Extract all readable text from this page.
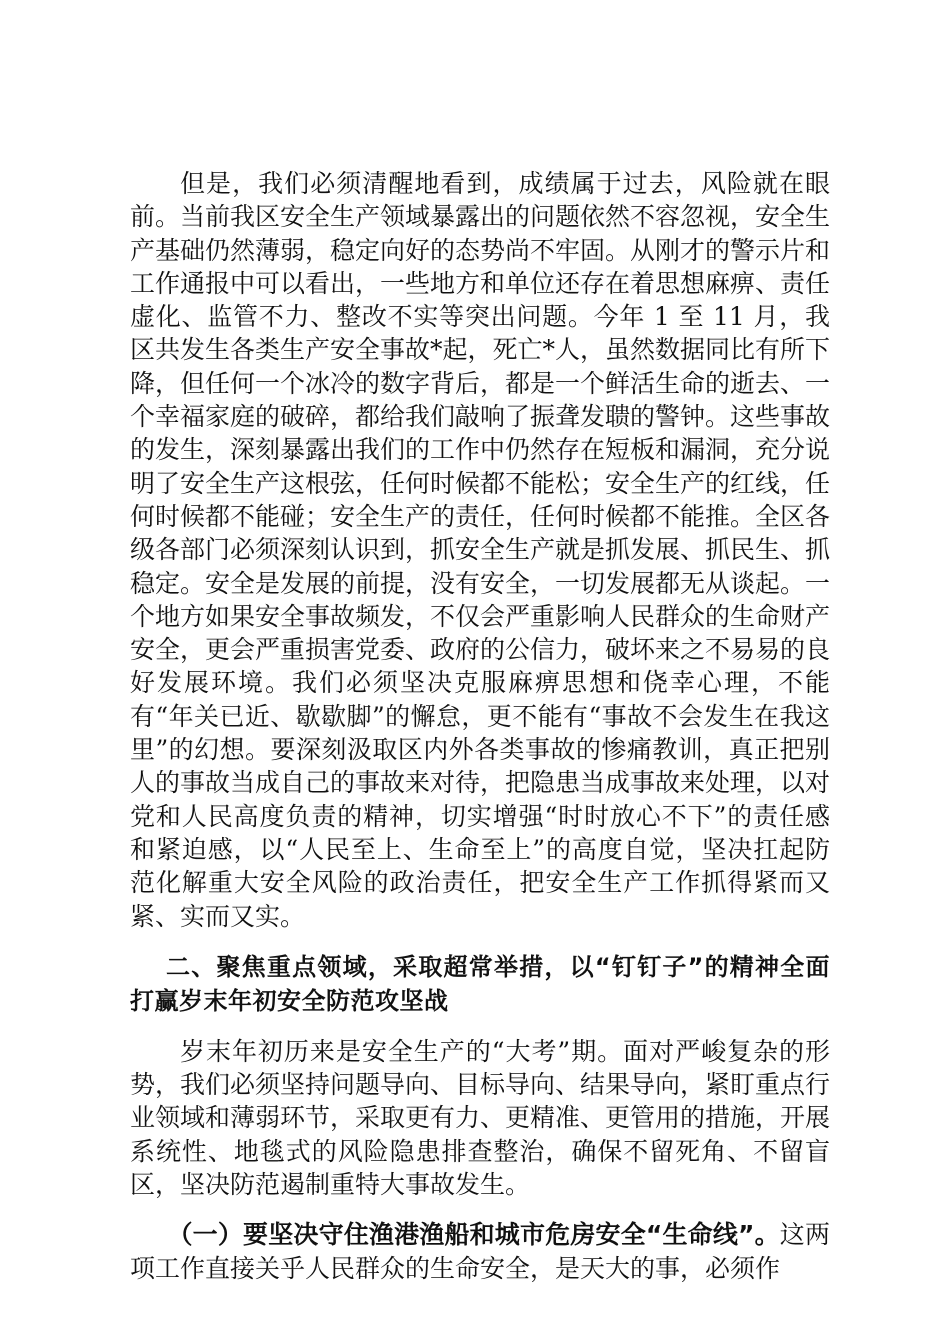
但是，我们必须清醒地看到，成绩属于过去，风险就在眼前。当前我区安全生产领域暴露出的问题依然不容忽视，安全生产基础仍然薄弱，稳定向好的态势尚不牢固。从刚才的警示片和工作通报中可以看出，一些地方和单位还存在着思想麻痹、责任虚化、监管不力、整改不实等突出问题。今年 1 至 11 月，我区共发生各类生产安全事故*起，死亡*人，虽然数据同比有所下降，但任何一个冰冷的数字背后，都是一个鲜活生命的逝去、一个幸福家庭的破碎，都给我们敲响了振聋发聩的警钟。这些事故的发生，深刻暴露出我们的工作中仍然存在短板和漏洞，充分说明了安全生产这根弦，任何时候都不能松；安全生产的红线，任何时候都不能碰；安全生产的责任，任何时候都不能推。全区各级各部门必须深刻认识到，抓安全生产就是抓发展、抓民生、抓稳定。安全是发展的前提，没有安全，一切发展都无从谈起。一个地方如果安全事故频发，不仅会严重影响人民群众的生命财产安全，更会严重损害党委、政府的公信力，破坏来之不易易的良好发展环境。我们必须坚决克服麻痹思想和侥幸心理，不能有“年关已近、歇歇脚”的懈怠，更不能有“事故不会发生在我这里”的幻想。要深刻汲取区内外各类事故的惨痛教训，真正把别人的事故当成自己的事故来对待，把隐患当成事故来处理，以对党和人民高度负责的精神，切实增强“时时放心不下”的责任感和紧迫感，以“人民至上、生命至上”的高度自觉，坚决扛起防范化解重大安全风险的政治责任，把安全生产工作抓得紧而又紧、实而又实。

二、聚焦重点领域，采取超常举措，以“钉钉子”的精神全面打赢岁末年初安全防范攻坚战

岁末年初历来是安全生产的“大考”期。面对严峻复杂的形势，我们必须坚持问题导向、目标导向、结果导向，紧盯重点行业领域和薄弱环节，采取更有力、更精准、更管用的措施，开展系统性、地毯式的风险隐患排查整治，确保不留死角、不留盲区，坚决防范遏制重特大事故发生。

（一）要坚决守住渔港渔船和城市危房安全“生命线”。这两项工作直接关乎人民群众的生命安全，是天大的事，必须作
